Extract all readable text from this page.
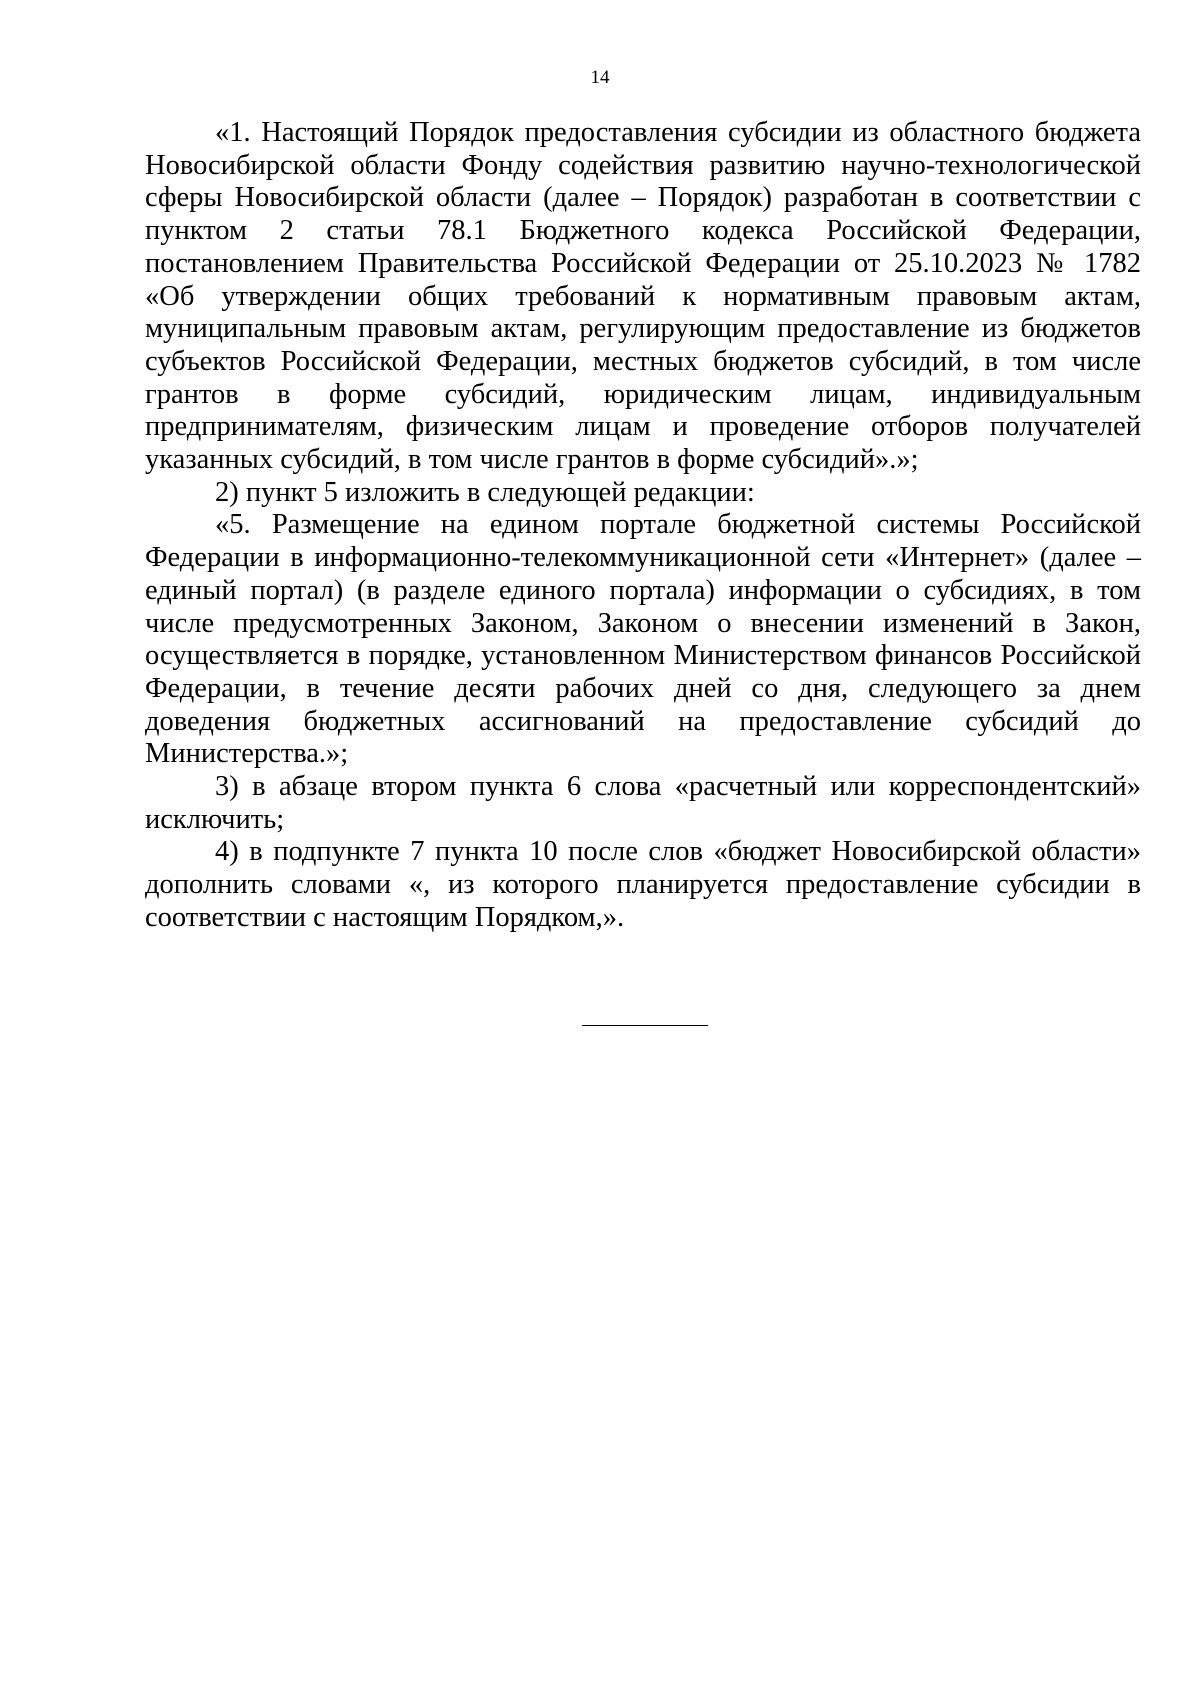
14

«1. Настоящий Порядок предоставления субсидии из областного бюджета Новосибирской области Фонду содействия развитию научно-технологической сферы Новосибирской области (далее – Порядок) разработан в соответствии с пунктом 2 статьи 78.1 Бюджетного кодекса Российской Федерации, постановлением Правительства Российской Федерации от 25.10.2023 № 1782 «Об утверждении общих требований к нормативным правовым актам, муниципальным правовым актам, регулирующим предоставление из бюджетов субъектов Российской Федерации, местных бюджетов субсидий, в том числе грантов в форме субсидий, юридическим лицам, индивидуальным предпринимателям, физическим лицам и проведение отборов получателей указанных субсидий, в том числе грантов в форме субсидий».»;

2) пункт 5 изложить в следующей редакции:

«5. Размещение на едином портале бюджетной системы Российской Федерации в информационно-телекоммуникационной сети «Интернет» (далее – единый портал) (в разделе единого портала) информации о субсидиях, в том числе предусмотренных Законом, Законом о внесении изменений в Закон, осуществляется в порядке, установленном Министерством финансов Российской Федерации, в течение десяти рабочих дней со дня, следующего за днем доведения бюджетных ассигнований на предоставление субсидий до Министерства.»;

3) в абзаце втором пункта 6 слова «расчетный или корреспондентский» исключить;

4) в подпункте 7 пункта 10 после слов «бюджет Новосибирской области» дополнить словами «, из которого планируется предоставление субсидии в соответствии с настоящим Порядком,».
